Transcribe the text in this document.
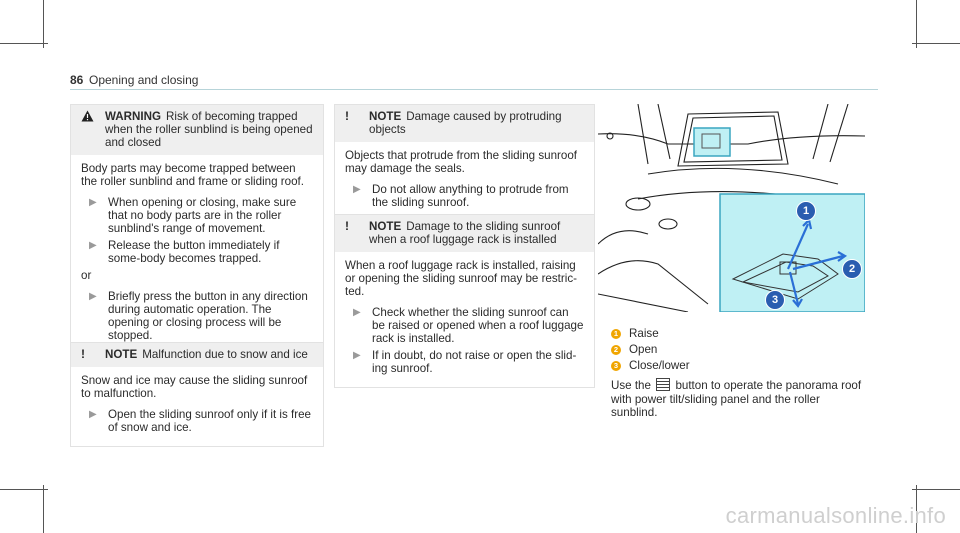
86 Opening and closing
WARNING Risk of becoming trapped when the roller sunblind is being opened and closed

Body parts may become trapped between the roller sunblind and frame or sliding roof.

▶ When opening or closing, make sure that no body parts are in the roller sunblind's range of movement.
▶ Release the button immediately if some-body becomes trapped.
or
▶ Briefly press the button in any direction during automatic operation. The opening or closing process will be stopped.
!	NOTE Malfunction due to snow and ice

Snow and ice may cause the sliding sunroof to malfunction.

▶ Open the sliding sunroof only if it is free of snow and ice.
!	NOTE Damage caused by protruding objects

Objects that protrude from the sliding sunroof may damage the seals.

▶ Do not allow anything to protrude from the sliding sunroof.
!	NOTE Damage to the sliding sunroof when a roof luggage rack is installed

When a roof luggage rack is installed, raising or opening the sliding sunroof may be restric-ted.

▶ Check whether the sliding sunroof can be raised or opened when a roof luggage rack is installed.
▶ If in doubt, do not raise or open the slid-ing sunroof.
1
2
3
1 Raise
2 Open
3 Close/lower
Use the button to operate the panorama roof with power tilt/sliding panel and the roller sunblind.
carmanualsonline.info
